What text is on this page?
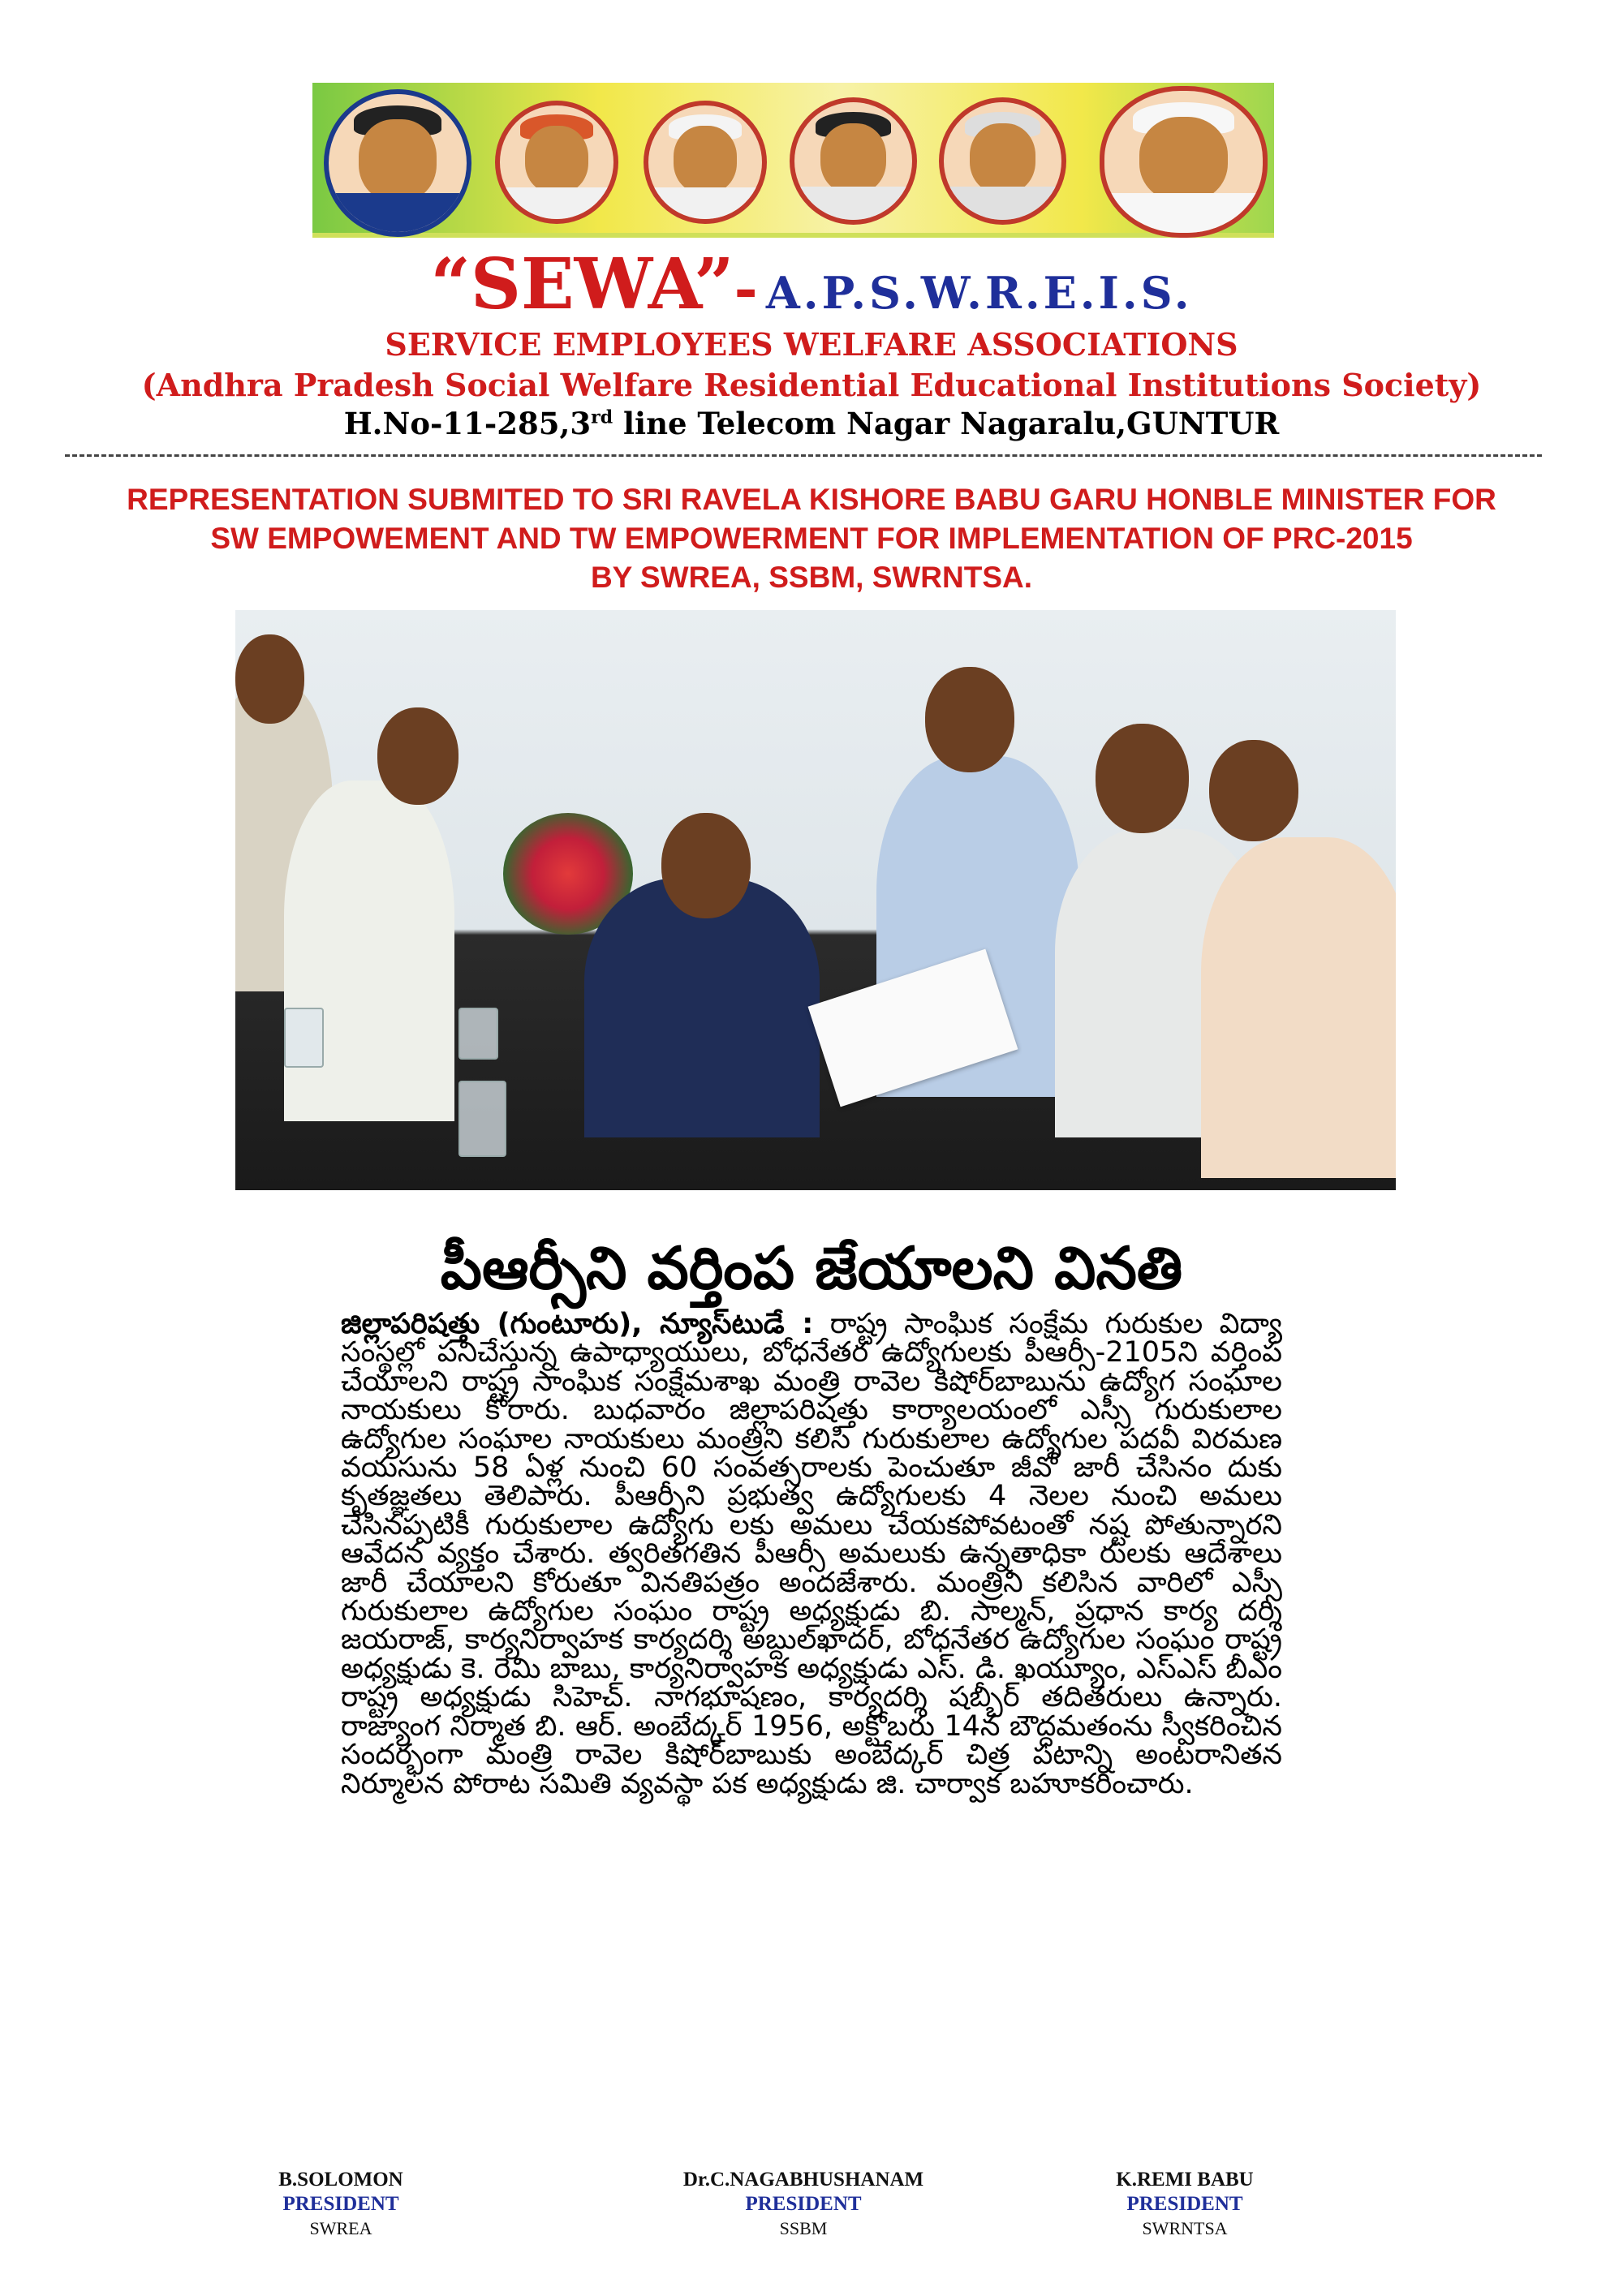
“SEWA”- A.P.S.W.R.E.I.S.
SERVICE EMPLOYEES WELFARE ASSOCIATIONS
(Andhra Pradesh Social Welfare Residential Educational Institutions Society)
H.No-11-285,3rd line Telecom Nagar Nagaralu,GUNTUR
REPRESENTATION SUBMITED TO SRI RAVELA KISHORE BABU GARU HONBLE MINISTER FOR
SW EMPOWEMENT AND TW EMPOWERMENT FOR IMPLEMENTATION OF PRC-2015
BY SWREA, SSBM, SWRNTSA.
పీఆర్సీని వర్తింప జేయాలని వినతి
జిల్లాపరిషత్తు (గుంటూరు), న్యూస్‌టుడే : రాష్ట్ర సాంఘిక సంక్షేమ గురుకుల విద్యా సంస్థల్లో పనిచేస్తున్న ఉపాధ్యాయులు, బోధనేతర ఉద్యోగులకు పీఆర్సీ-2105ని వర్తింప చేయాలని రాష్ట్ర సాంఘిక సంక్షేమశాఖ మంత్రి రావెల కిషోర్‌బాబును ఉద్యోగ సంఘాల నాయకులు కోరారు. బుధవారం జిల్లాపరిషత్తు కార్యాలయంలో ఎస్సీ గురుకులాల ఉద్యోగుల సంఘాల నాయకులు మంత్రిని కలిసి గురుకులాల ఉద్యోగుల పదవీ విరమణ వయసును 58 ఏళ్ల నుంచి 60 సంవత్సరాలకు పెంచుతూ జీవో జారీ చేసినం దుకు కృతజ్ఞతలు తెలిపారు. పీఆర్సీని ప్రభుత్వ ఉద్యోగులకు 4 నెలల నుంచి అమలు చేసినప్పటికీ గురుకులాల ఉద్యోగు లకు అమలు చేయకపోవటంతో నష్ట పోతున్నారని ఆవేదన వ్యక్తం చేశారు. త్వరితగతిన పీఆర్సీ అమలుకు ఉన్నతాధికా రులకు ఆదేశాలు జారీ చేయాలని కోరుతూ వినతిపత్రం అందజేశారు. మంత్రిని కలిసిన వారిలో ఎస్సీ గురుకులాల ఉద్యోగుల సంఘం రాష్ట్ర అధ్యక్షుడు బి. సాల్మన్, ప్రధాన కార్య దర్శి జయరాజ్, కార్యనిర్వాహక కార్యదర్శి అబ్దుల్‌ఖాదర్, బోధనేతర ఉద్యోగుల సంఘం రాష్ట్ర అధ్యక్షుడు కె. రెమి బాబు, కార్యనిర్వాహక అధ్యక్షుడు ఎస్. డి. ఖయ్యూం, ఎస్‌ఎస్ బీఎం రాష్ట్ర అధ్యక్షుడు సిహెచ్. నాగభూషణం, కార్యదర్శి షబ్బీర్ తదితరులు ఉన్నారు. రాజ్యాంగ నిర్మాత బి. ఆర్. అంబేద్కర్ 1956, అక్టోబరు 14న బౌద్ధమతంను స్వీకరించిన సందర్భంగా మంత్రి రావెల కిషోర్‌బాబుకు అంబేద్కర్ చిత్ర పటాన్ని అంటరానితన నిర్మూలన పోరాట సమితి వ్యవస్థా పక అధ్యక్షుడు జి. చార్వాక బహూకరించారు.
B.SOLOMON
PRESIDENT
SWREA
Dr.C.NAGABHUSHANAM
PRESIDENT
SSBM
K.REMI BABU
PRESIDENT
SWRNTSA
